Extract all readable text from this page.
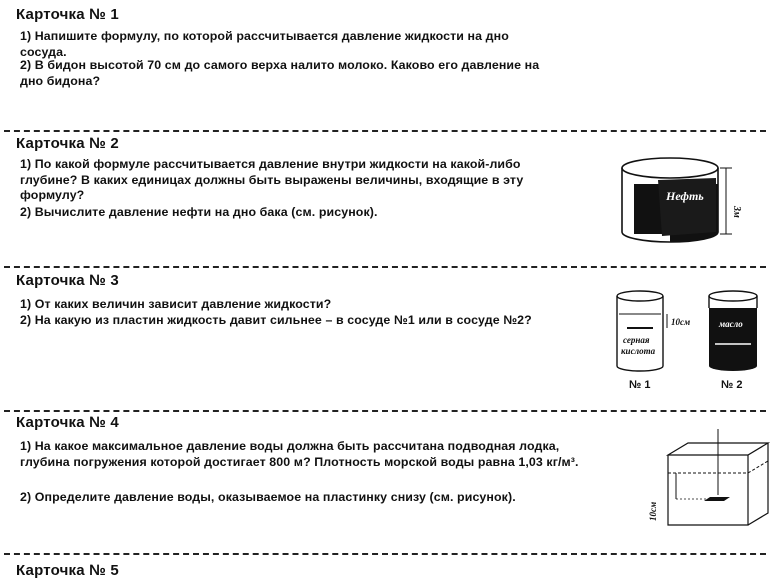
Карточка № 1
1) Напишите формулу, по которой рассчитывается давление жидкости на дно сосуда.
2) В бидон высотой 70 см до самого верха налито молоко. Каково его давление на дно бидона?
Карточка № 2
1) По какой формуле рассчитывается давление внутри жидкости на какой-либо глубине? В каких единицах должны быть выражены величины, входящие в эту формулу?
2) Вычислите давление нефти на дно бака (см. рисунок).	3м
Нефть
Карточка № 3
1) От каких величин зависит давление жидкости?
2) На какую из пластин жидкость давит сильнее – в сосуде №1 или в сосуде №2?	10см
серная
кислота
№ 1
масло
№ 2
Карточка № 4
1) На какое максимальное давление воды должна быть рассчитана подводная лодка, глубина погружения которой достигает 800 м? Плотность морской воды равна 1,03 кг/м³.
2) Определите давление воды, оказываемое на пластинку снизу (см. рисунок).
10см
Карточка № 5
